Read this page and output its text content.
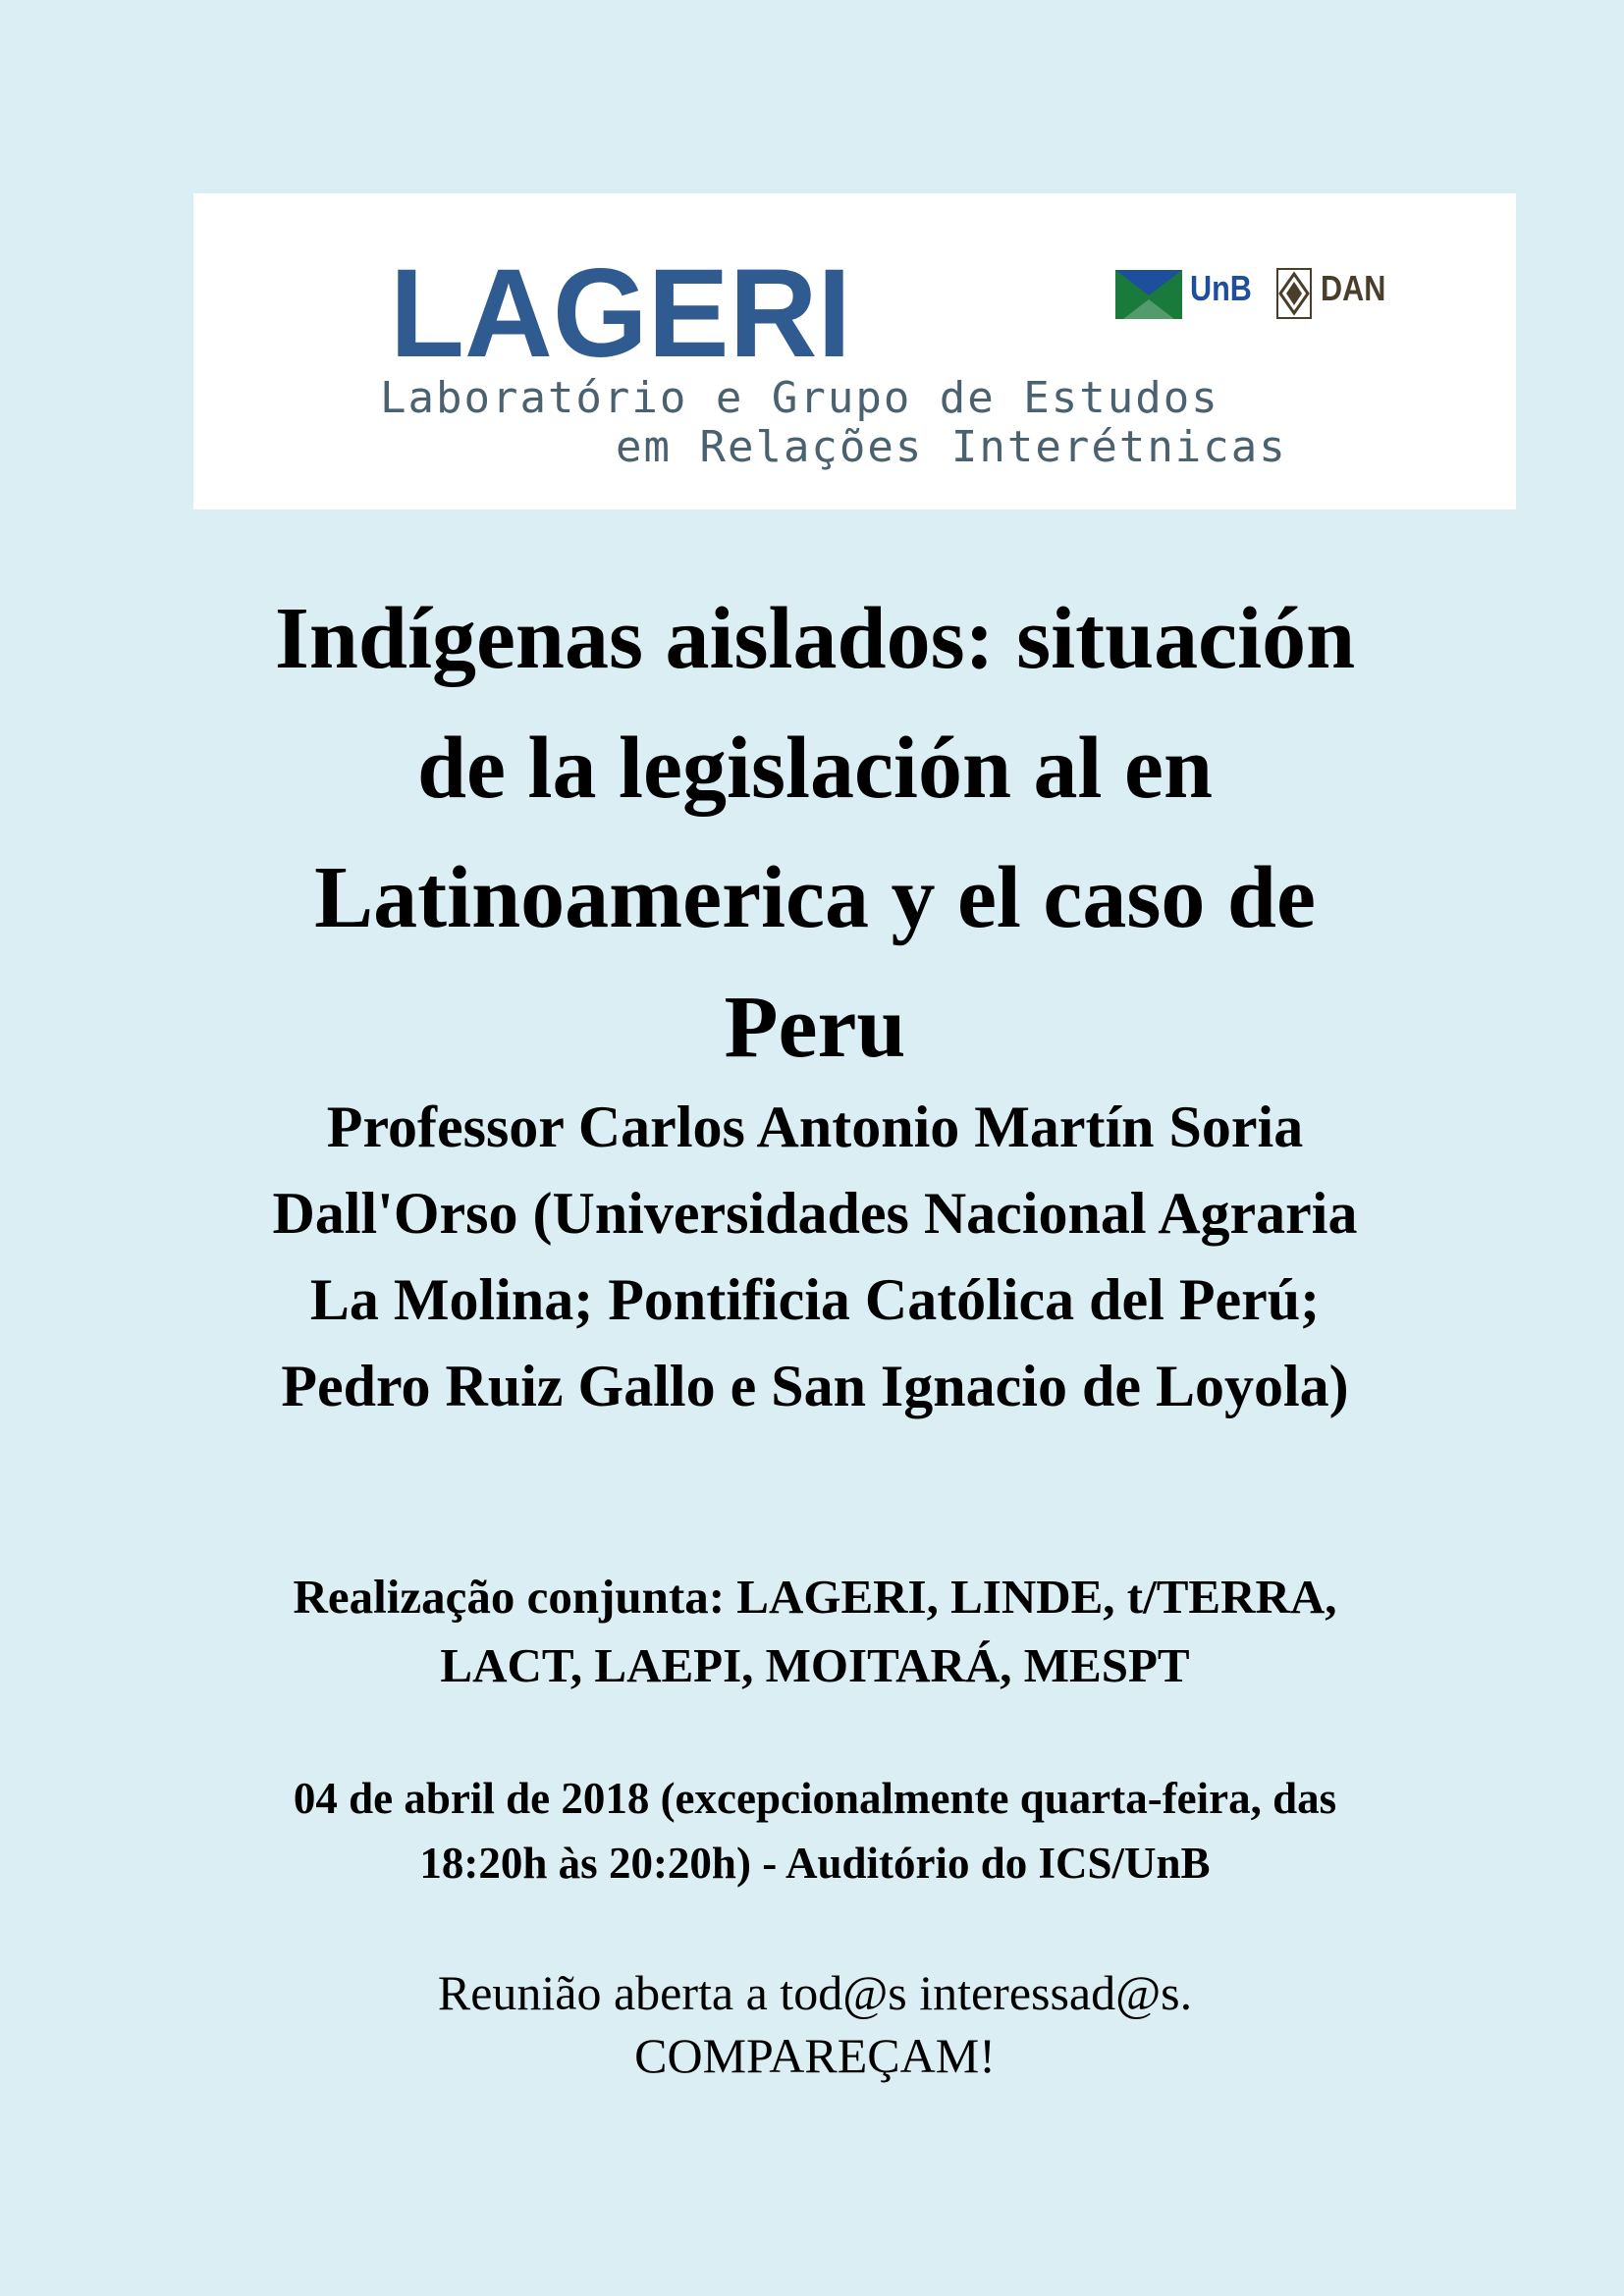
LAGERI
Laboratório e Grupo de Estudos
em Relações Interétnicas
UnB DAN
Indígenas aislados: situación
de la legislación al en
Latinoamerica y el caso de
Peru

Professor Carlos Antonio Martín Soria
Dall'Orso (Universidades Nacional Agraria
La Molina; Pontificia Católica del Perú;
Pedro Ruiz Gallo e San Ignacio de Loyola)

Realização conjunta: LAGERI, LINDE, t/TERRA,
LACT, LAEPI, MOITARÁ, MESPT

04 de abril de 2018 (excepcionalmente quarta-feira, das
18:20h às 20:20h) - Auditório do ICS/UnB

Reunião aberta a tod@s interessad@s.
COMPAREÇAM!
